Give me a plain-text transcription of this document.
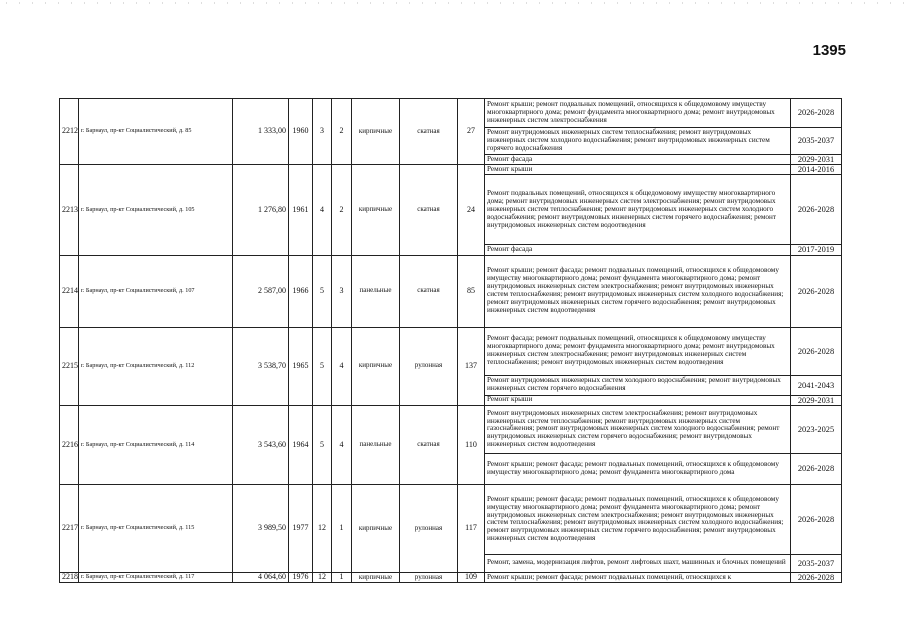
1395
2212	г. Барнаул, пр-кт Социалистический, д. 85	1 333,00	1960	3	2	кирпичные	скатная	27	Ремонт крыши; ремонт подвальных помещений, относящихся к общедомовому имуществу многоквартирного дома; ремонт фундамента многоквартирного дома; ремонт внутридомовых инженерных систем электроснабжения	2026-2028
									Ремонт внутридомовых инженерных систем теплоснабжения; ремонт внутридомовых инженерных систем холодного водоснабжения; ремонт внутридомовых инженерных систем горячего водоснабжения	2035-2037
									Ремонт фасада	2029-2031
2213	г. Барнаул, пр-кт Социалистический, д. 105	1 276,80	1961	4	2	кирпичные	скатная	24	Ремонт крыши	2014-2016
									Ремонт подвальных помещений, относящихся к общедомовому имуществу многоквартирного дома; ремонт внутридомовых инженерных систем электроснабжения; ремонт внутридомовых инженерных систем теплоснабжения; ремонт внутридомовых инженерных систем холодного водоснабжения; ремонт внутридомовых инженерных систем горячего водоснабжения; ремонт внутридомовых инженерных систем водоотведения	2026-2028
									Ремонт фасада	2017-2019
2214	г. Барнаул, пр-кт Социалистический, д. 107	2 587,00	1966	5	3	панельные	скатная	85	Ремонт крыши; ремонт фасада; ремонт подвальных помещений, относящихся к общедомовому имуществу многоквартирного дома; ремонт фундамента многоквартирного дома; ремонт внутридомовых инженерных систем электроснабжения; ремонт внутридомовых инженерных систем теплоснабжения; ремонт внутридомовых инженерных систем холодного водоснабжения; ремонт внутридомовых инженерных систем горячего водоснабжения; ремонт внутридомовых инженерных систем водоотведения	2026-2028
2215	г. Барнаул, пр-кт Социалистический, д. 112	3 538,70	1965	5	4	кирпичные	рулонная	137	Ремонт фасада; ремонт подвальных помещений, относящихся к общедомовому имуществу многоквартирного дома; ремонт фундамента многоквартирного дома; ремонт внутридомовых инженерных систем электроснабжения; ремонт внутридомовых инженерных систем теплоснабжения; ремонт внутридомовых инженерных систем водоотведения	2026-2028
									Ремонт внутридомовых инженерных систем холодного водоснабжения; ремонт внутридомовых инженерных систем горячего водоснабжения	2041-2043
									Ремонт крыши	2029-2031
2216	г. Барнаул, пр-кт Социалистический, д. 114	3 543,60	1964	5	4	панельные	скатная	110	Ремонт внутридомовых инженерных систем электроснабжения; ремонт внутридомовых инженерных систем теплоснабжения; ремонт внутридомовых инженерных систем газоснабжения; ремонт внутридомовых инженерных систем холодного водоснабжения; ремонт внутридомовых инженерных систем горячего водоснабжения; ремонт внутридомовых инженерных систем водоотведения	2023-2025
									Ремонт крыши; ремонт фасада; ремонт подвальных помещений, относящихся к общедомовому имуществу многоквартирного дома; ремонт фундамента многоквартирного дома	2026-2028
2217	г. Барнаул, пр-кт Социалистический, д. 115	3 989,50	1977	12	1	кирпичные	рулонная	117	Ремонт крыши; ремонт фасада; ремонт подвальных помещений, относящихся к общедомовому имуществу многоквартирного дома; ремонт фундамента многоквартирного дома; ремонт внутридомовых инженерных систем электроснабжения; ремонт внутридомовых инженерных систем теплоснабжения; ремонт внутридомовых инженерных систем холодного водоснабжения; ремонт внутридомовых инженерных систем горячего водоснабжения; ремонт внутридомовых инженерных систем водоотведения	2026-2028
									Ремонт, замена, модернизация лифтов, ремонт лифтовых шахт, машинных и блочных помещений	2035-2037
2218	г. Барнаул, пр-кт Социалистический, д. 117	4 064,60	1976	12	1	кирпичные	рулонная	109	Ремонт крыши; ремонт фасада; ремонт подвальных помещений, относящихся к	2026-2028
